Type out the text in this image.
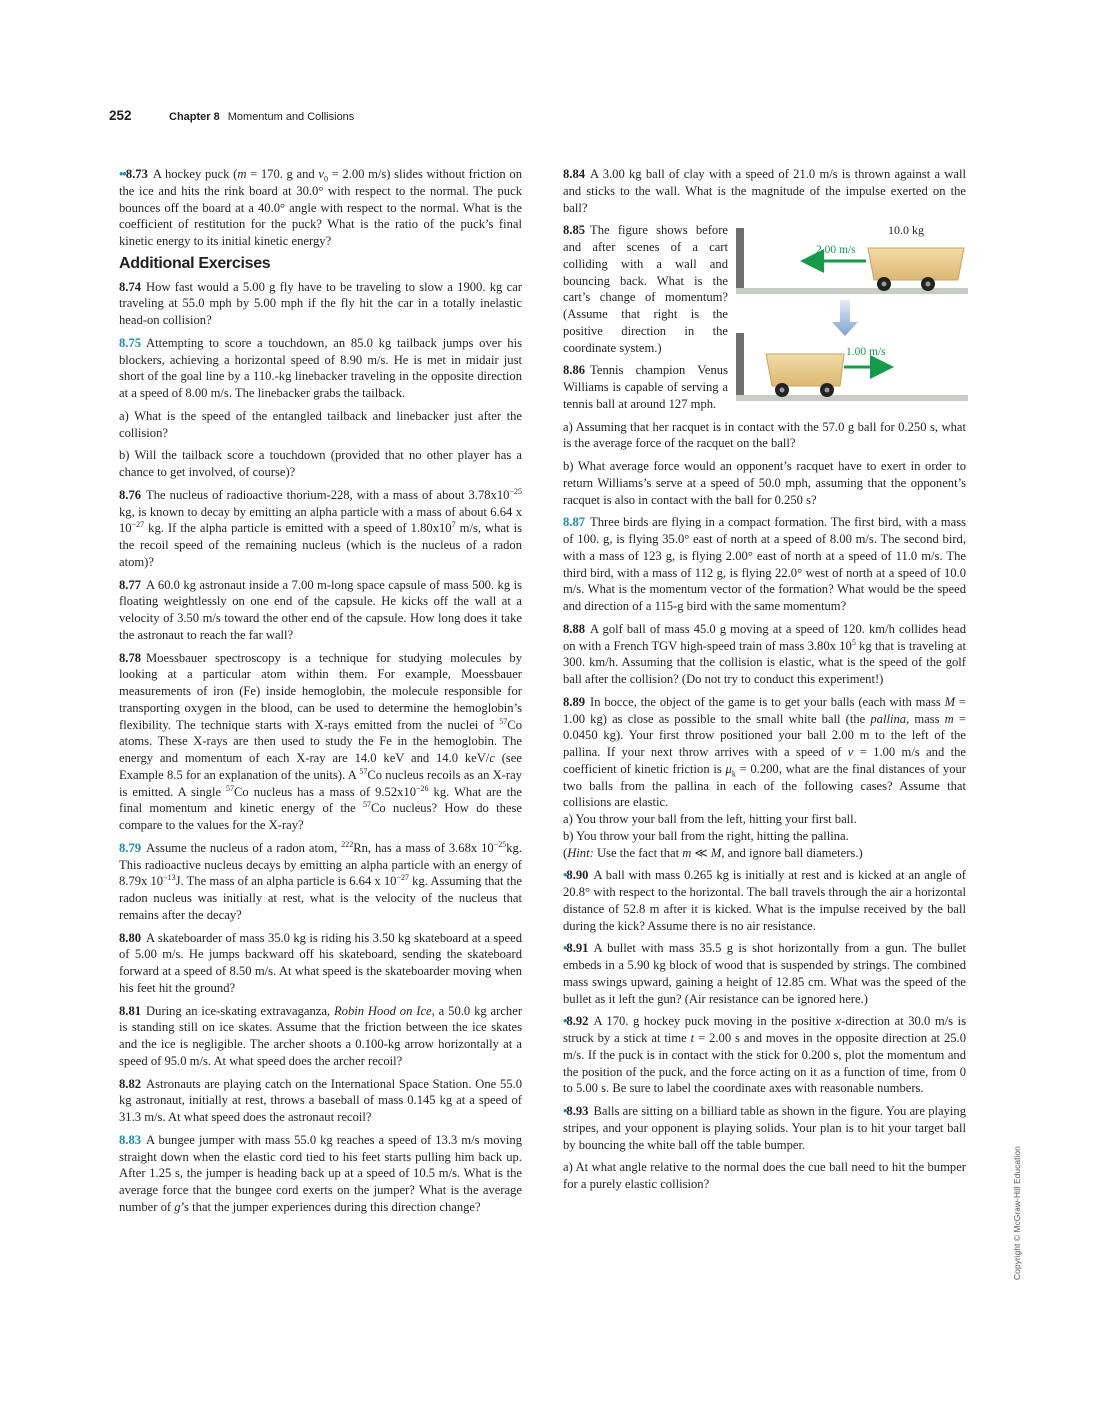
252	Chapter 8 Momentum and Collisions

••8.73 A hockey puck (m = 170. g and $v_0 = 2.00$ m/s) slides without friction on the ice and hits the rink board at 30.0° with respect to the normal. The puck bounces off the board at a 40.0° angle with respect to the normal. What is the coefficient of restitution for the puck? What is the ratio of the puck’s final kinetic energy to its initial kinetic energy?

Additional Exercises

8.74 How fast would a 5.00 g fly have to be traveling to slow a 1900. kg car traveling at 55.0 mph by 5.00 mph if the fly hit the car in a totally inelastic head-on collision?

8.75 Attempting to score a touchdown, an 85.0 kg tailback jumps over his blockers, achieving a horizontal speed of 8.90 m/s. He is met in midair just short of the goal line by a 110.-kg linebacker traveling in the opposite direction at a speed of 8.00 m/s. The linebacker grabs the tailback.

a) What is the speed of the entangled tailback and linebacker just after the collision?

b) Will the tailback score a touchdown (provided that no other player has a chance to get involved, of course)?

8.76 The nucleus of radioactive thorium-228, with a mass of about $3.78x10^{-25}$ kg, is known to decay by emitting an alpha particle with a mass of about 6.64 x $10^{-27}$ kg. If the alpha particle is emitted with a speed of $1.80x10^7$ m/s, what is the recoil speed of the remaining nucleus (which is the nucleus of a radon atom)?

8.77 A 60.0 kg astronaut inside a 7.00 m-long space capsule of mass 500. kg is floating weightlessly on one end of the capsule. He kicks off the wall at a velocity of 3.50 m/s toward the other end of the capsule. How long does it take the astronaut to reach the far wall?

8.78 Moessbauer spectroscopy is a technique for studying molecules by looking at a particular atom within them. For example, Moessbauer measurements of iron (Fe) inside hemoglobin, the molecule responsible for transporting oxygen in the blood, can be used to determine the hemoglobin’s flexibility. The technique starts with X-rays emitted from the nuclei of $^{57}$Co atoms. These X-rays are then used to study the Fe in the hemoglobin. The energy and momentum of each X-ray are 14.0 keV and 14.0 keV/c (see Example 8.5 for an explanation of the units). A $^{57}$Co nucleus recoils as an X-ray is emitted. A single $^{57}$Co nucleus has a mass of $9.52x10^{-26}$ kg. What are the final momentum and kinetic energy of the $^{57}$Co nucleus? How do these compare to the values for the X-ray?

8.79 Assume the nucleus of a radon atom, $^{222}$Rn, has a mass of 3.68x $10^{-25}kg$. This radioactive nucleus decays by emitting an alpha particle with an energy of 8.79x $10^{-13}J$. The mass of an alpha particle is 6.64 x $10^{-27}$ kg. Assuming that the radon nucleus was initially at rest, what is the velocity of the nucleus that remains after the decay?

8.80 A skateboarder of mass 35.0 kg is riding his 3.50 kg skateboard at a speed of 5.00 m/s. He jumps backward off his skateboard, sending the skateboard forward at a speed of 8.50 m/s. At what speed is the skateboarder moving when his feet hit the ground?

8.81 During an ice-skating extravaganza, Robin Hood on Ice, a 50.0 kg archer is standing still on ice skates. Assume that the friction between the ice skates and the ice is negligible. The archer shoots a 0.100-kg arrow horizontally at a speed of 95.0 m/s. At what speed does the archer recoil?

8.82 Astronauts are playing catch on the International Space Station. One 55.0 kg astronaut, initially at rest, throws a baseball of mass 0.145 kg at a speed of 31.3 m/s. At what speed does the astronaut recoil?

8.83 A bungee jumper with mass 55.0 kg reaches a speed of 13.3 m/s moving straight down when the elastic cord tied to his feet starts pulling him back up. After 1.25 s, the jumper is heading back up at a speed of 10.5 m/s. What is the average force that the bungee cord exerts on the jumper? What is the average number of g’s that the jumper experiences during this direction change?

8.84 A 3.00 kg ball of clay with a speed of 21.0 m/s is thrown against a wall and sticks to the wall. What is the magnitude of the impulse exerted on the ball?

10.0 kg
2.00 m/s
1.00 m/s
8.85 The figure shows before and after scenes of a cart colliding with a wall and bouncing back. What is the cart’s change of momentum? (Assume that right is the positive direction in the coordinate system.)

8.86 Tennis champion Venus Williams is capable of serving a tennis ball at around 127 mph.

a) Assuming that her racquet is in contact with the 57.0 g ball for 0.250 s, what is the average force of the racquet on the ball?

b) What average force would an opponent’s racquet have to exert in order to return Williams’s serve at a speed of 50.0 mph, assuming that the opponent’s racquet is also in contact with the ball for 0.250 s?

8.87 Three birds are flying in a compact formation. The first bird, with a mass of 100. g, is flying 35.0° east of north at a speed of 8.00 m/s. The second bird, with a mass of 123 g, is flying 2.00° east of north at a speed of 11.0 m/s. The third bird, with a mass of 112 g, is flying 22.0° west of north at a speed of 10.0 m/s. What is the momentum vector of the formation? What would be the speed and direction of a 115-g bird with the same momentum?

8.88 A golf ball of mass 45.0 g moving at a speed of 120. km/h collides head on with a French TGV high-speed train of mass 3.80x $10^5$ kg that is traveling at 300. km/h. Assuming that the collision is elastic, what is the speed of the golf ball after the collision? (Do not try to conduct this experiment!)

8.89 In bocce, the object of the game is to get your balls (each with mass M = 1.00 kg) as close as possible to the small white ball (the pallina, mass m = 0.0450 kg). Your first throw positioned your ball 2.00 m to the left of the pallina. If your next throw arrives with a speed of v = 1.00 m/s and the coefficient of kinetic friction is $\mu_k = 0.200$, what are the final distances of your two balls from the pallina in each of the following cases? Assume that collisions are elastic.
a) You throw your ball from the left, hitting your first ball.
b) You throw your ball from the right, hitting the pallina.
(Hint: Use the fact that m ≪ M, and ignore ball diameters.)

•8.90 A ball with mass 0.265 kg is initially at rest and is kicked at an angle of 20.8° with respect to the horizontal. The ball travels through the air a horizontal distance of 52.8 m after it is kicked. What is the impulse received by the ball during the kick? Assume there is no air resistance.

•8.91 A bullet with mass 35.5 g is shot horizontally from a gun. The bullet embeds in a 5.90 kg block of wood that is suspended by strings. The combined mass swings upward, gaining a height of 12.85 cm. What was the speed of the bullet as it left the gun? (Air resistance can be ignored here.)

•8.92 A 170. g hockey puck moving in the positive x-direction at 30.0 m/s is struck by a stick at time t = 2.00 s and moves in the opposite direction at 25.0 m/s. If the puck is in contact with the stick for 0.200 s, plot the momentum and the position of the puck, and the force acting on it as a function of time, from 0 to 5.00 s. Be sure to label the coordinate axes with reasonable numbers.

•8.93 Balls are sitting on a billiard table as shown in the figure. You are playing stripes, and your opponent is playing solids. Your plan is to hit your target ball by bouncing the white ball off the table bumper.

a) At what angle relative to the normal does the cue ball need to hit the bumper for a purely elastic collision?	Copyright © McGraw-Hill Education
